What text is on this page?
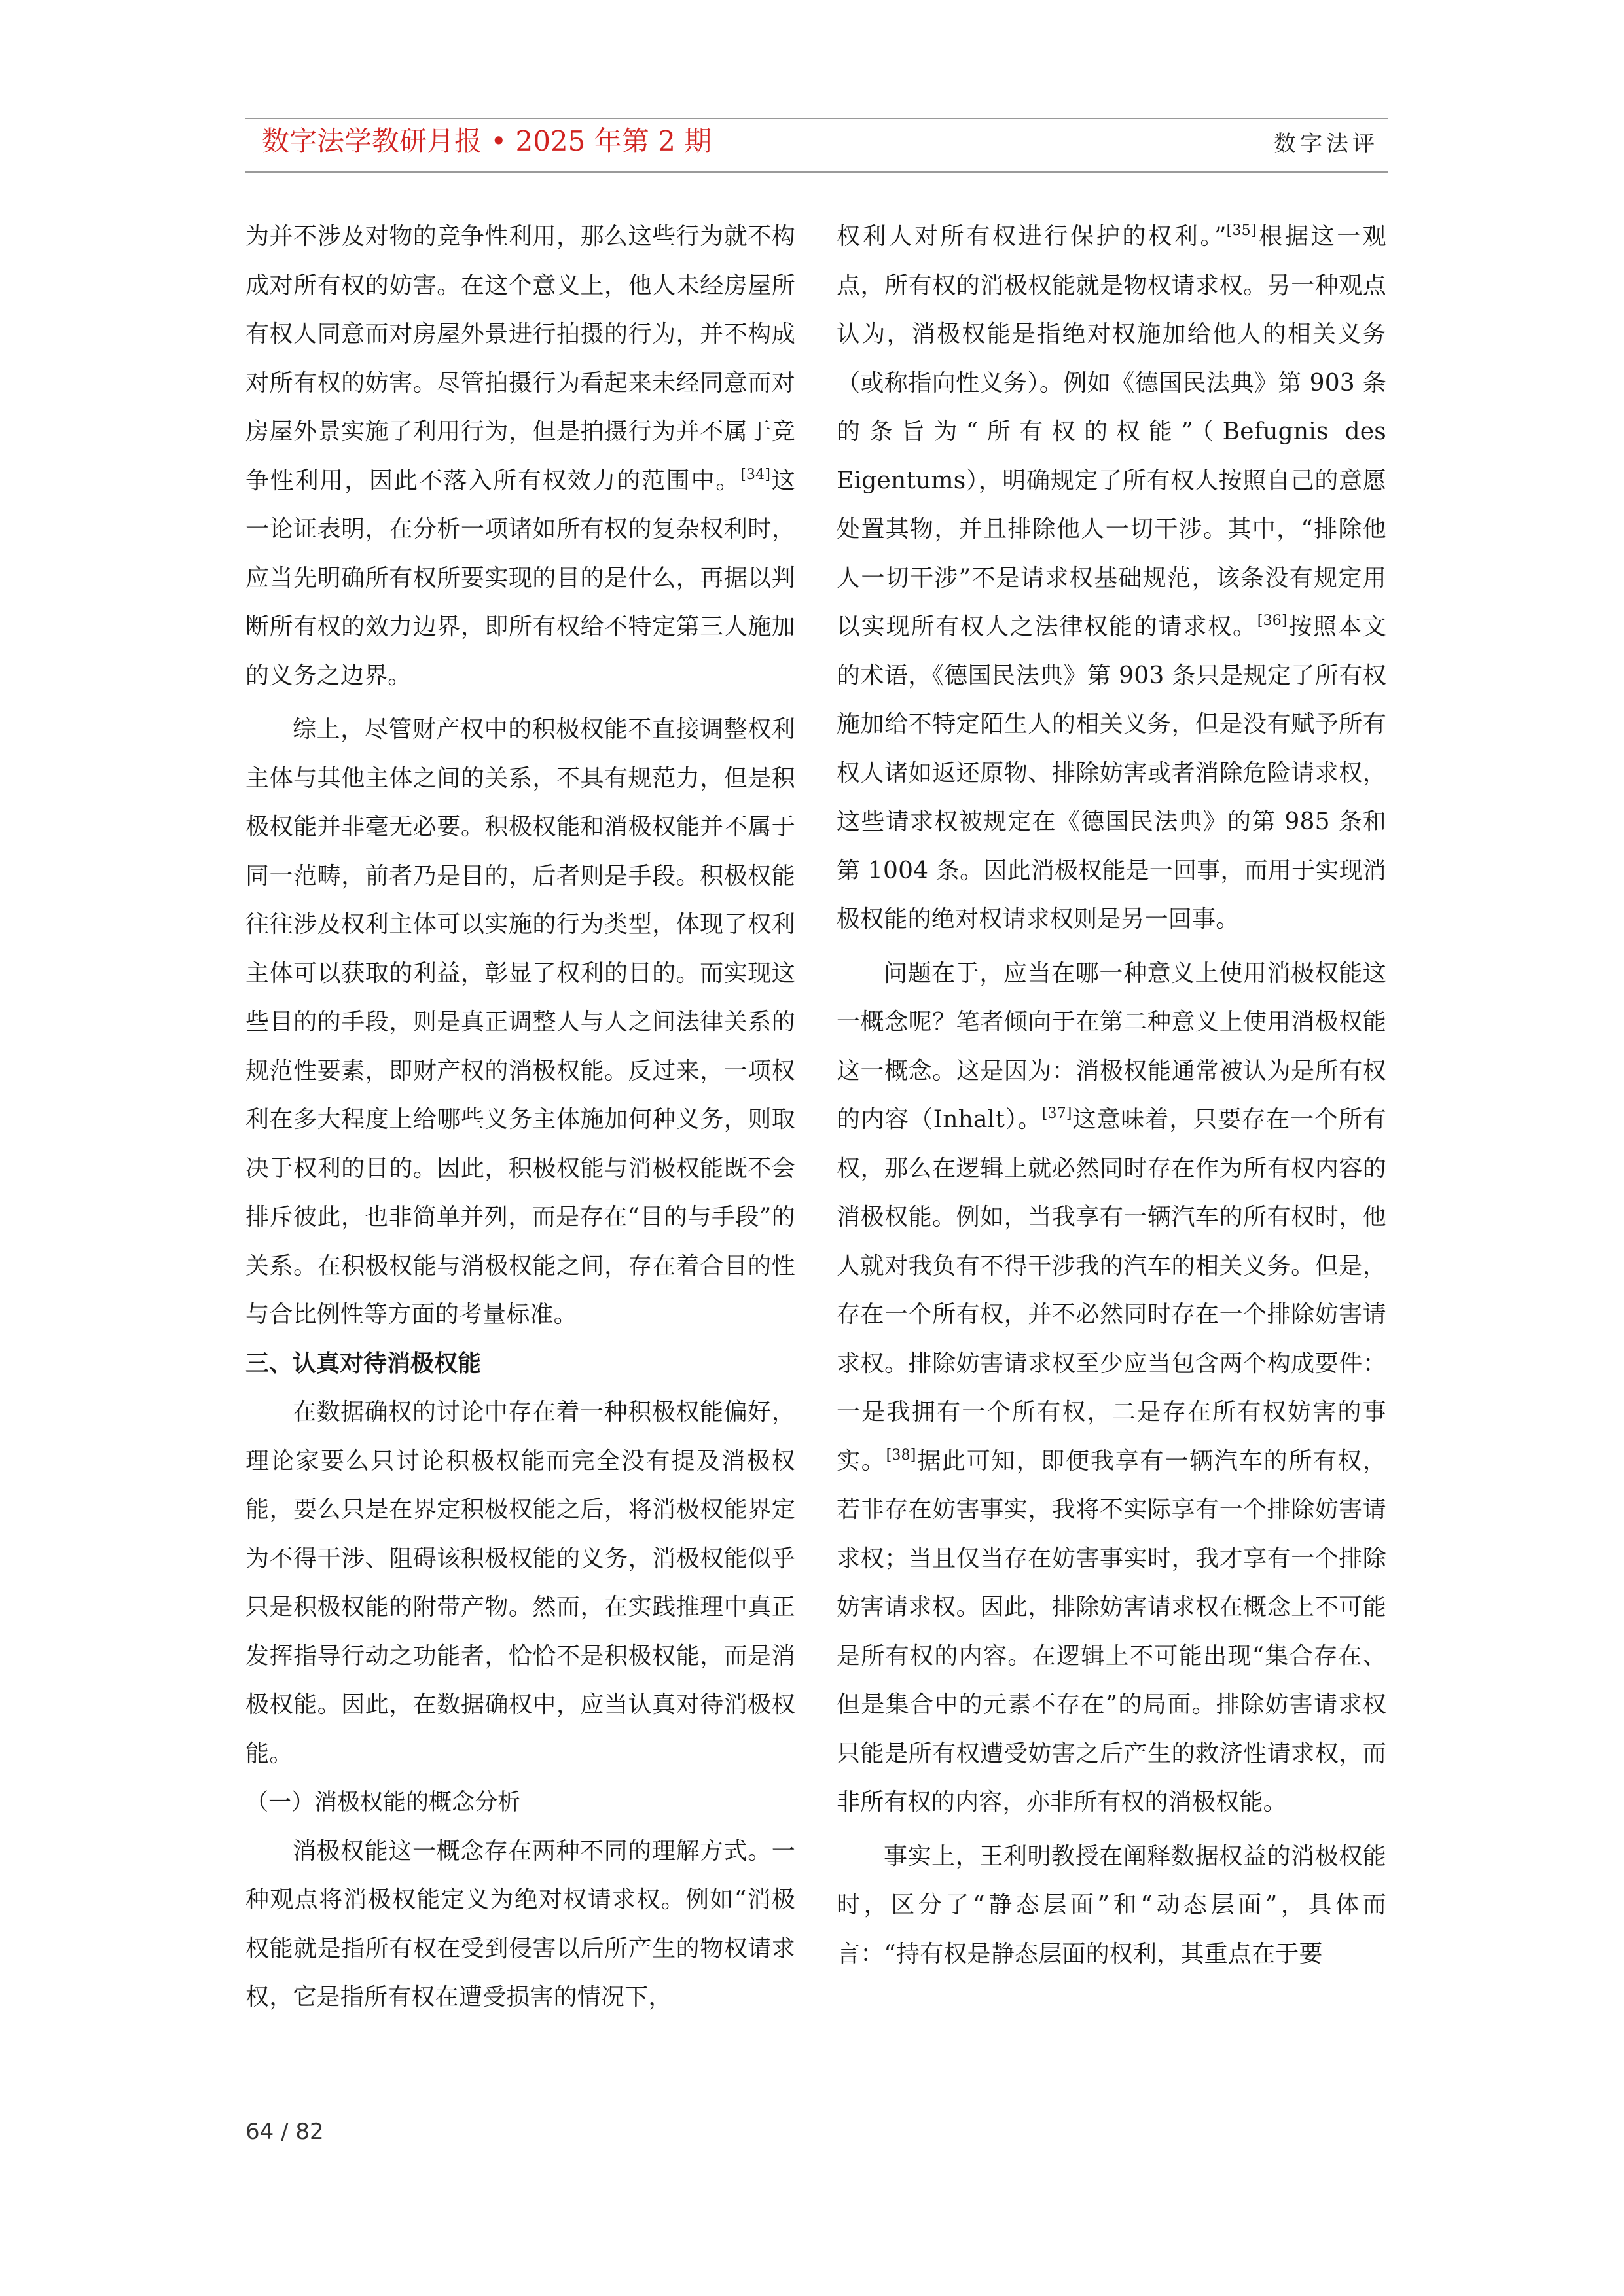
数字法学教研月报 • 2025 年第 2 期	数字法评

为并不涉及对物的竞争性利用，那么这些行为就不构成对所有权的妨害。在这个意义上，他人未经房屋所有权人同意而对房屋外景进行拍摄的行为，并不构成对所有权的妨害。尽管拍摄行为看起来未经同意而对房屋外景实施了利用行为，但是拍摄行为并不属于竞争性利用，因此不落入所有权效力的范围中。[34]这一论证表明，在分析一项诸如所有权的复杂权利时，应当先明确所有权所要实现的目的是什么，再据以判断所有权的效力边界，即所有权给不特定第三人施加的义务之边界。

综上，尽管财产权中的积极权能不直接调整权利主体与其他主体之间的关系，不具有规范力，但是积极权能并非毫无必要。积极权能和消极权能并不属于同一范畴，前者乃是目的，后者则是手段。积极权能往往涉及权利主体可以实施的行为类型，体现了权利主体可以获取的利益，彰显了权利的目的。而实现这些目的的手段，则是真正调整人与人之间法律关系的规范性要素，即财产权的消极权能。反过来，一项权利在多大程度上给哪些义务主体施加何种义务，则取决于权利的目的。因此，积极权能与消极权能既不会排斥彼此，也非简单并列，而是存在“目的与手段”的关系。在积极权能与消极权能之间，存在着合目的性与合比例性等方面的考量标准。

三、认真对待消极权能

在数据确权的讨论中存在着一种积极权能偏好，理论家要么只讨论积极权能而完全没有提及消极权能，要么只是在界定积极权能之后，将消极权能界定为不得干涉、阻碍该积极权能的义务，消极权能似乎只是积极权能的附带产物。然而，在实践推理中真正发挥指导行动之功能者，恰恰不是积极权能，而是消极权能。因此，在数据确权中，应当认真对待消极权能。

（一）消极权能的概念分析

消极权能这一概念存在两种不同的理解方式。一种观点将消极权能定义为绝对权请求权。例如“消极权能就是指所有权在受到侵害以后所产生的物权请求权，它是指所有权在遭受损害的情况下，

权利人对所有权进行保护的权利。”[35]根据这一观点，所有权的消极权能就是物权请求权。另一种观点认为，消极权能是指绝对权施加给他人的相关义务（或称指向性义务）。例如《德国民法典》第 903 条的条旨为“所有权的权能”（Befugnis des Eigentums），明确规定了所有权人按照自己的意愿处置其物，并且排除他人一切干涉。其中，“排除他人一切干涉”不是请求权基础规范，该条没有规定用以实现所有权人之法律权能的请求权。[36]按照本文的术语，《德国民法典》第 903 条只是规定了所有权施加给不特定陌生人的相关义务，但是没有赋予所有权人诸如返还原物、排除妨害或者消除危险请求权，这些请求权被规定在《德国民法典》的第 985 条和第 1004 条。因此消极权能是一回事，而用于实现消极权能的绝对权请求权则是另一回事。

问题在于，应当在哪一种意义上使用消极权能这一概念呢？笔者倾向于在第二种意义上使用消极权能这一概念。这是因为：消极权能通常被认为是所有权的内容（Inhalt）。[37]这意味着，只要存在一个所有权，那么在逻辑上就必然同时存在作为所有权内容的消极权能。例如，当我享有一辆汽车的所有权时，他人就对我负有不得干涉我的汽车的相关义务。但是，存在一个所有权，并不必然同时存在一个排除妨害请求权。排除妨害请求权至少应当包含两个构成要件：一是我拥有一个所有权，二是存在所有权妨害的事实。[38]据此可知，即便我享有一辆汽车的所有权，若非存在妨害事实，我将不实际享有一个排除妨害请求权；当且仅当存在妨害事实时，我才享有一个排除妨害请求权。因此，排除妨害请求权在概念上不可能是所有权的内容。在逻辑上不可能出现“集合存在、但是集合中的元素不存在”的局面。排除妨害请求权只能是所有权遭受妨害之后产生的救济性请求权，而非所有权的内容，亦非所有权的消极权能。

事实上，王利明教授在阐释数据权益的消极权能时，区分了“静态层面”和“动态层面”，具体而言：“持有权是静态层面的权利，其重点在于要

64 / 82
